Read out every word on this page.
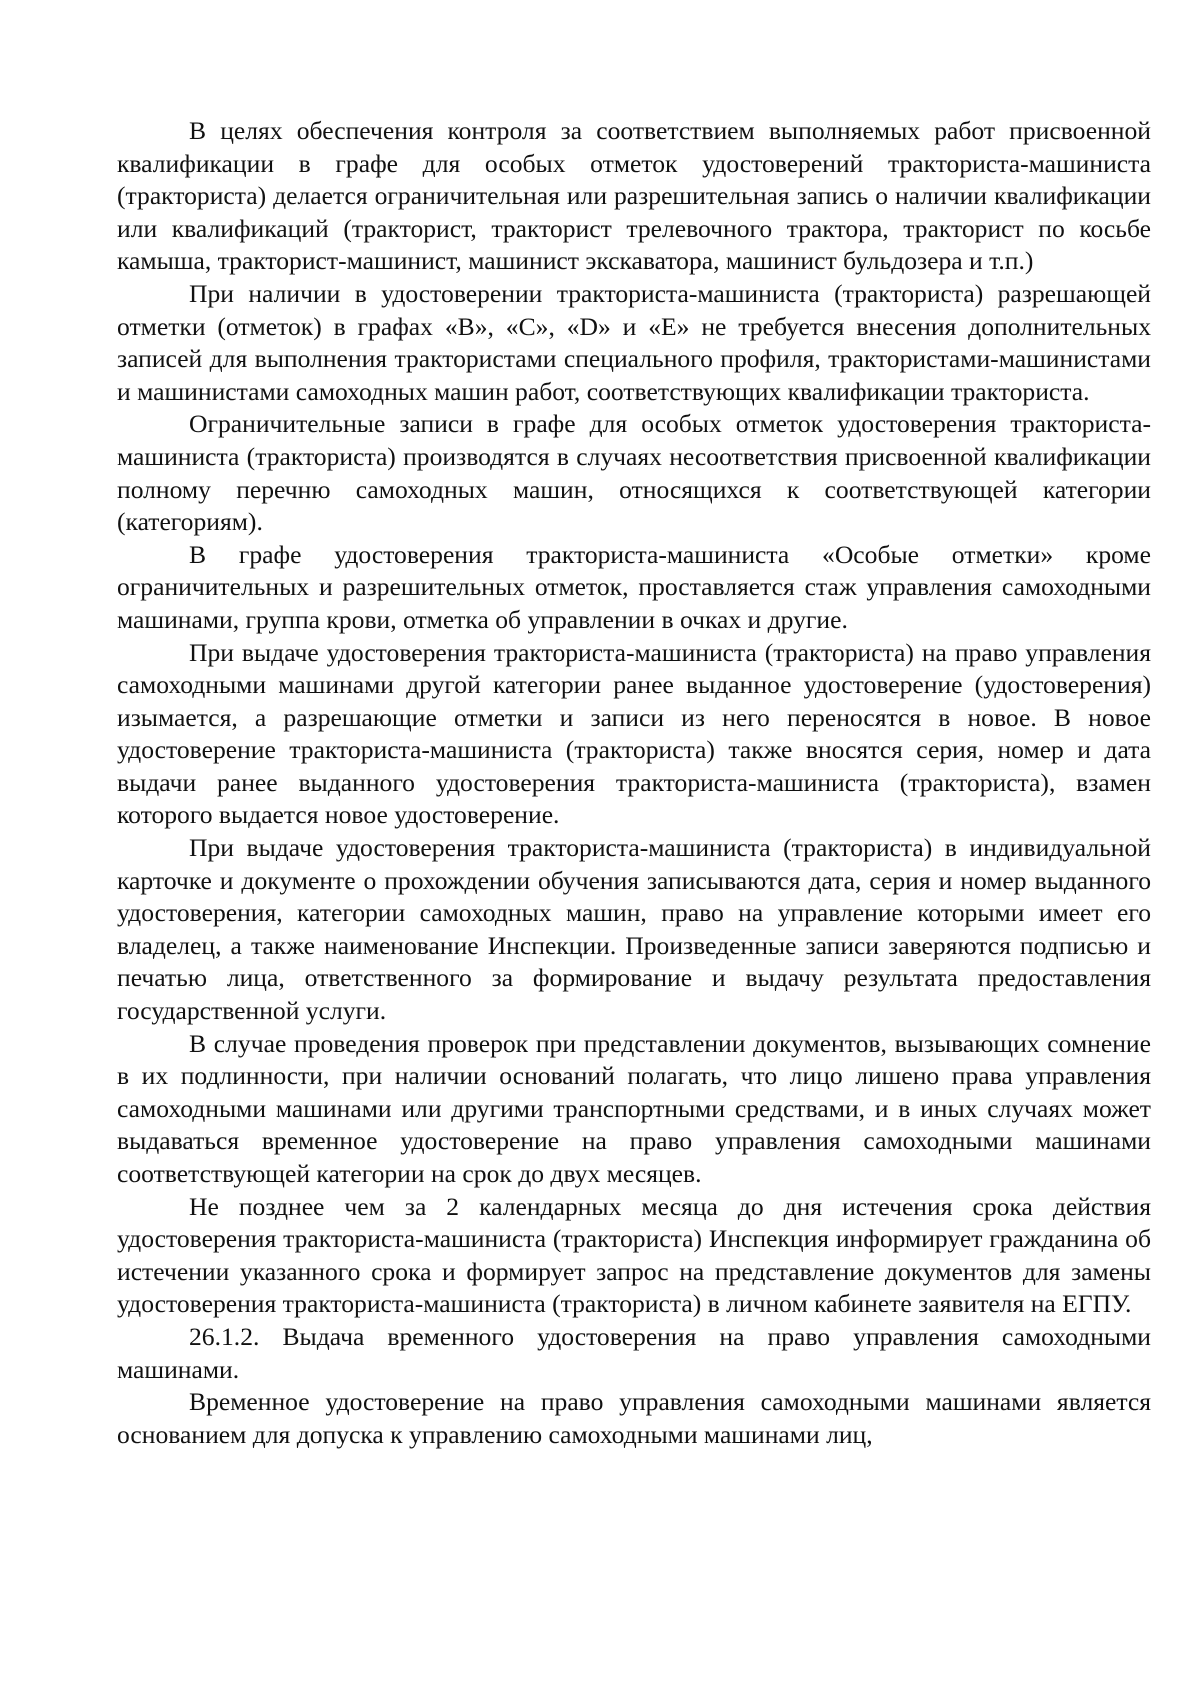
В целях обеспечения контроля за соответствием выполняемых работ присвоенной квалификации в графе для особых отметок удостоверений тракториста-машиниста (тракториста) делается ограничительная или разрешительная запись о наличии квалификации или квалификаций (тракторист, тракторист трелевочного трактора, тракторист по косьбе камыша, тракторист-машинист, машинист экскаватора, машинист бульдозера и т.п.)

При наличии в удостоверении тракториста-машиниста (тракториста) разрешающей отметки (отметок) в графах «В», «С», «D» и «Е» не требуется внесения дополнительных записей для выполнения трактористами специального профиля, трактористами-машинистами и машинистами самоходных машин работ, соответствующих квалификации тракториста.

Ограничительные записи в графе для особых отметок удостоверения тракториста-машиниста (тракториста) производятся в случаях несоответствия присвоенной квалификации полному перечню самоходных машин, относящихся к соответствующей категории (категориям).

В графе удостоверения тракториста-машиниста «Особые отметки» кроме ограничительных и разрешительных отметок, проставляется стаж управления самоходными машинами, группа крови, отметка об управлении в очках и другие.

При выдаче удостоверения тракториста-машиниста (тракториста) на право управления самоходными машинами другой категории ранее выданное удостоверение (удостоверения) изымается, а разрешающие отметки и записи из него переносятся в новое. В новое удостоверение тракториста-машиниста (тракториста) также вносятся серия, номер и дата выдачи ранее выданного удостоверения тракториста-машиниста (тракториста), взамен которого выдается новое удостоверение.

При выдаче удостоверения тракториста-машиниста (тракториста) в индивидуальной карточке и документе о прохождении обучения записываются дата, серия и номер выданного удостоверения, категории самоходных машин, право на управление которыми имеет его владелец, а также наименование Инспекции. Произведенные записи заверяются подписью и печатью лица, ответственного за формирование и выдачу результата предоставления государственной услуги.

В случае проведения проверок при представлении документов, вызывающих сомнение в их подлинности, при наличии оснований полагать, что лицо лишено права управления самоходными машинами или другими транспортными средствами, и в иных случаях может выдаваться временное удостоверение на право управления самоходными машинами соответствующей категории на срок до двух месяцев.

Не позднее чем за 2 календарных месяца до дня истечения срока действия удостоверения тракториста-машиниста (тракториста) Инспекция информирует гражданина об истечении указанного срока и формирует запрос на представление документов для замены удостоверения тракториста-машиниста (тракториста) в личном кабинете заявителя на ЕГПУ.

26.1.2. Выдача временного удостоверения на право управления самоходными машинами.

Временное удостоверение на право управления самоходными машинами является основанием для допуска к управлению самоходными машинами лиц,
